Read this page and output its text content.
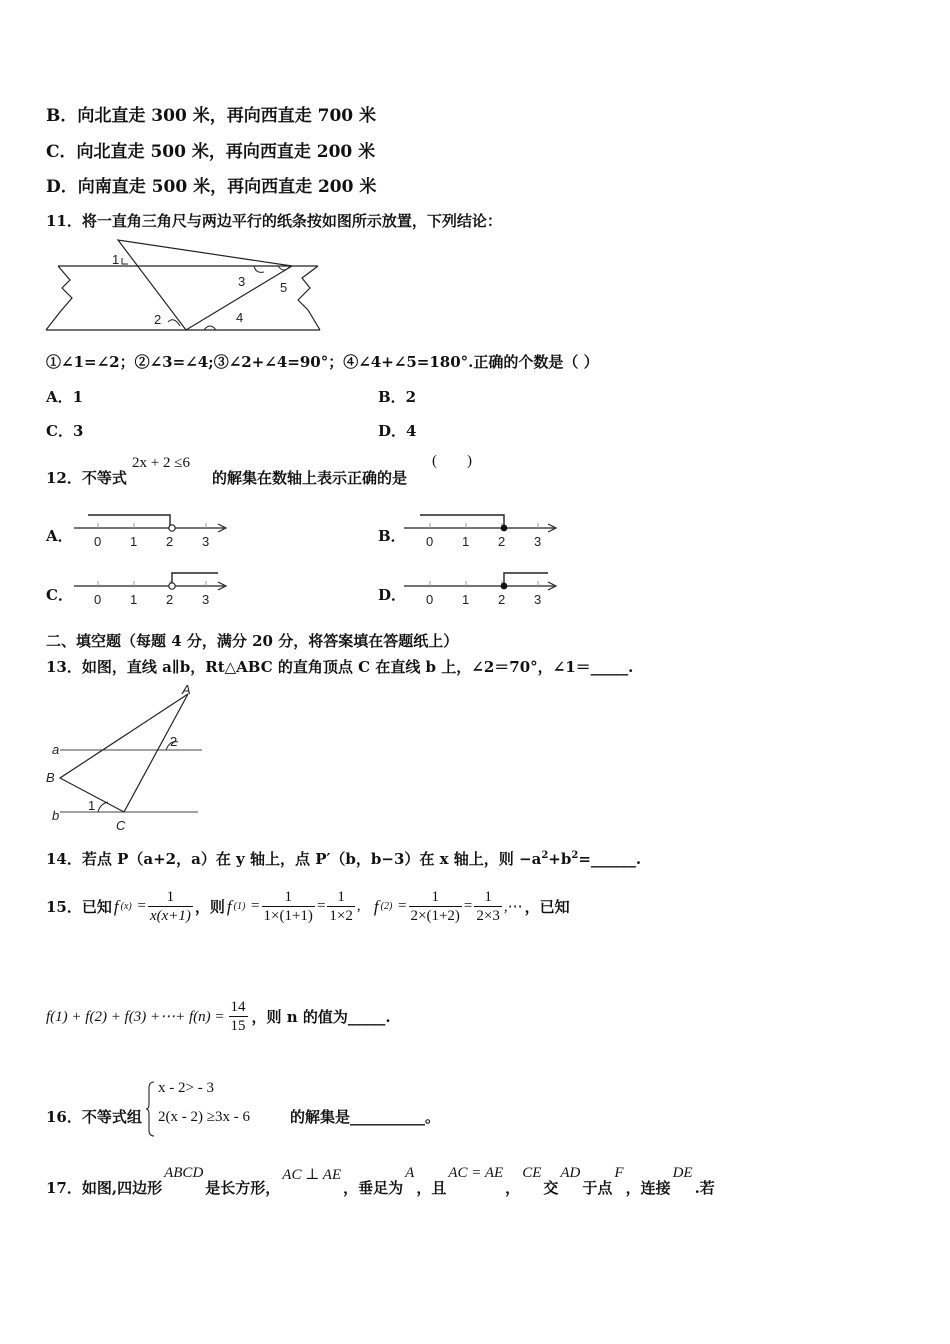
B．向北直走 300 米，再向西直走 700 米
C．向北直走 500 米，再向西直走 200 米
D．向南直走 500 米，再向西直走 200 米
11．将一直角三角尺与两边平行的纸条按如图所示放置，下列结论：
1
3	5
2	4
①∠1=∠2；②∠3=∠4;③∠2+∠4=90°；④∠4+∠5=180°.正确的个数是（ ）
A．1	B．2
C．3	D．4
12．不等式
2x + 2 ≤6
的解集在数轴上表示正确的是
(        )
A． 0 1 2 3	B． 0 1 2 3
C． 0 1 2 3	D． 0 1 2 3
二、填空题（每题 4 分，满分 20 分，将答案填在答题纸上）
13．如图，直线 a∥b，Rt△ABC 的直角顶点 C 在直线 b 上，∠2＝70°，∠1＝_____.
A
a
2
B
1
b
C
14．若点 P（a+2，a）在 y 轴上，点 P′（b，b−3）在 x 轴上，则 $-a^2+b^2=\_\_\_\_\_\_$.
15．已知 f $(x) = \frac{1}{x(x+1)}$ ，则 f $(1) = \frac{1}{1\times(1+1)} = \frac{1}{1\times 2}$ , f $(2) = \frac{1}{2\times(1+2)} = \frac{1}{2\times 3}$ ,⋯ ，已知
f(1) + f(2) + f(3) +⋯+ $f(n) = \frac{14}{15}$ ，则 n 的值为_____.
16．不等式组
x - 2> - 3
2(x - 2) ≥3x - 6	的解集是__________。
17．如图,四边形
ABCD
是长方形，
AC ⊥ AE
，垂足为
A
，且
AC = AE
，
CE
交
AD
于点
F
，连接
DE
.若
